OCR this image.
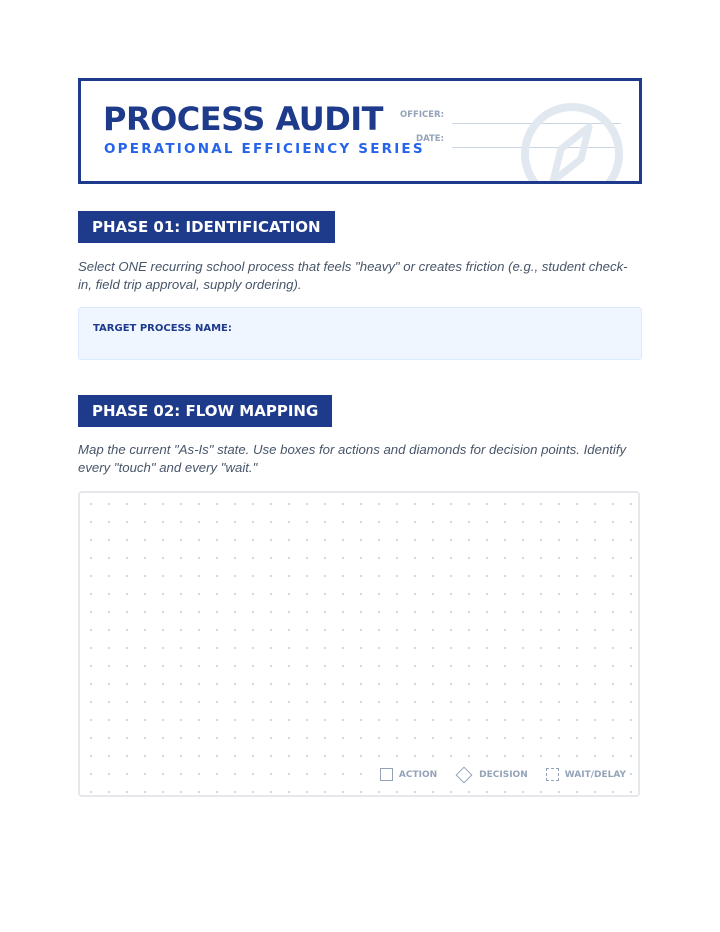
PROCESS AUDIT
OPERATIONAL EFFICIENCY SERIES
OFFICER:
DATE:
PHASE 01: IDENTIFICATION
Select ONE recurring school process that feels "heavy" or creates friction (e.g., student check-in, field trip approval, supply ordering).
TARGET PROCESS NAME:
PHASE 02: FLOW MAPPING
Map the current "As-Is" state. Use boxes for actions and diamonds for decision points. Identify every "touch" and every "wait."
ACTION	DECISION	WAIT/DELAY
